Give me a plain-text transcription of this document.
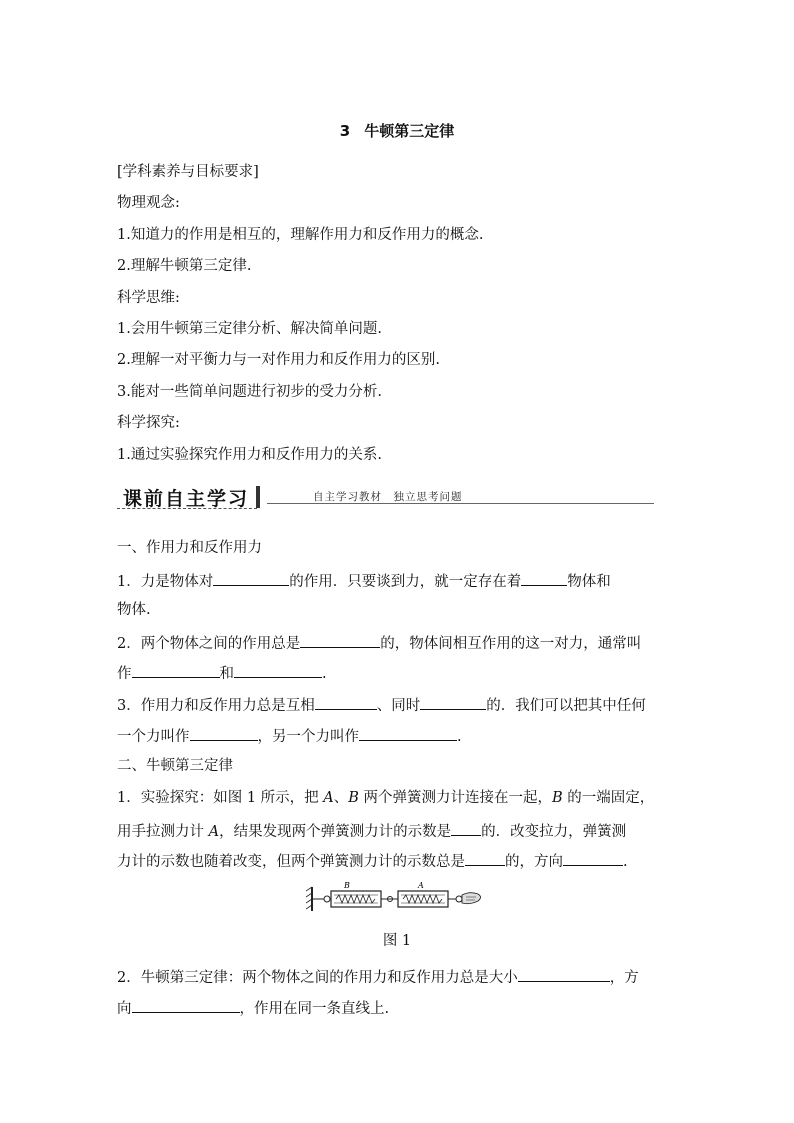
3 牛顿第三定律
[学科素养与目标要求]
物理观念:
1.知道力的作用是相互的，理解作用力和反作用力的概念.
2.理解牛顿第三定律.
科学思维:
1.会用牛顿第三定律分析、解决简单问题.
2.理解一对平衡力与一对作用力和反作用力的区别.
3.能对一些简单问题进行初步的受力分析.
科学探究:
1.通过实验探究作用力和反作用力的关系.
课前自主学习	自主学习教材　独立思考问题
一、作用力和反作用力
1．力是物体对	的作用．只要谈到力，就一定存在着	物体和
物体.
2．两个物体之间的作用总是	的，物体间相互作用的这一对力，通常叫
作	和	.
3．作用力和反作用力总是互相	、同时	的．我们可以把其中任何
一个力叫作	，另一个力叫作	.
二、牛顿第三定律
1．实验探究：如图 1 所示，把 A、B 两个弹簧测力计连接在一起，B 的一端固定，
用手拉测力计 A，结果发现两个弹簧测力计的示数是 的．改变拉力，弹簧测
力计的示数也随着改变，但两个弹簧测力计的示数总是	的，方向	.
B	A
图 1
2．牛顿第三定律：两个物体之间的作用力和反作用力总是大小	，方
向	，作用在同一条直线上.
